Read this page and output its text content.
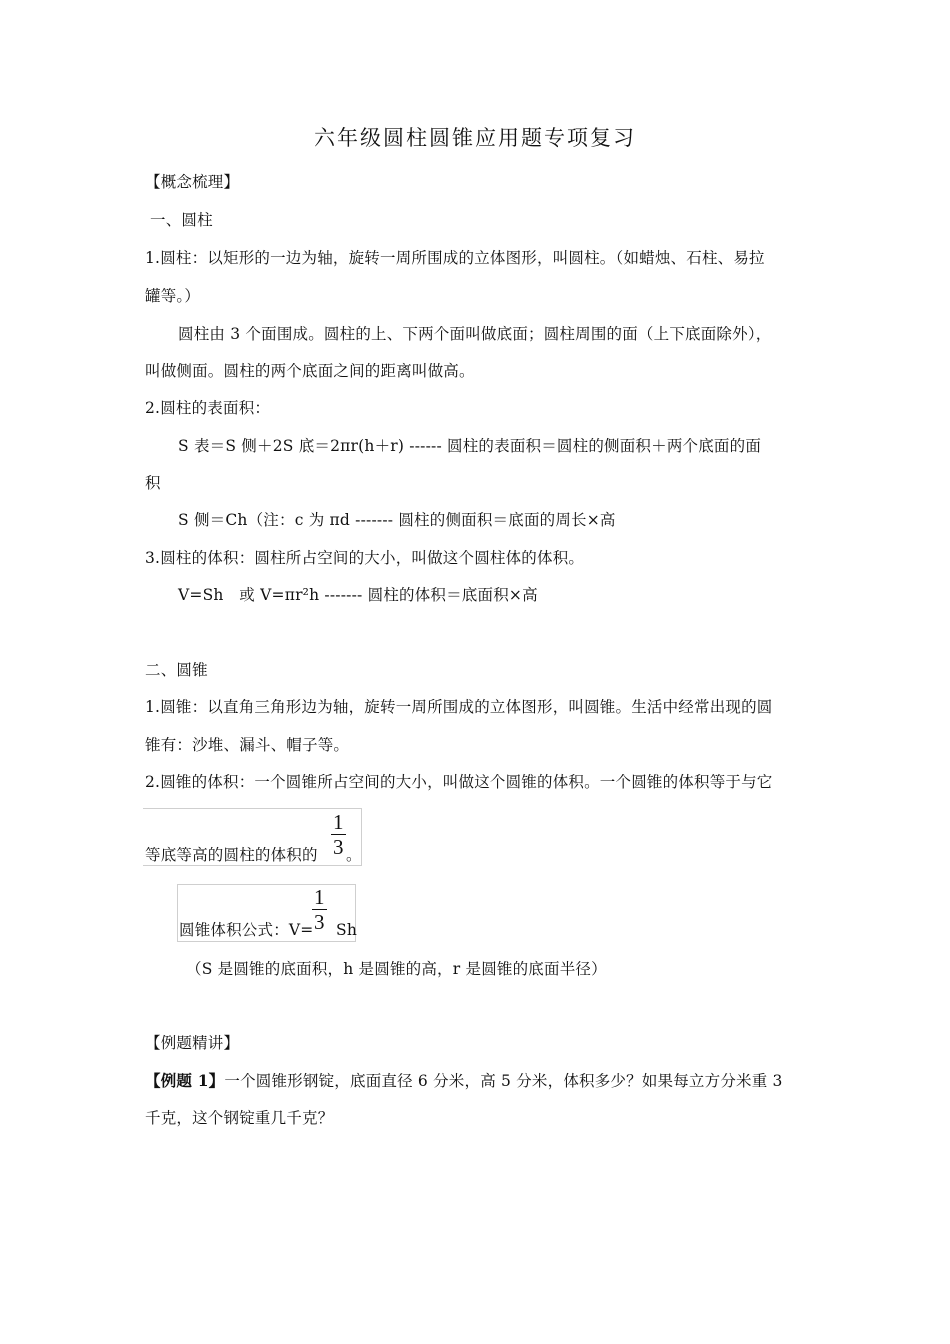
六年级圆柱圆锥应用题专项复习
【概念梳理】
一、圆柱
1.圆柱：以矩形的一边为轴，旋转一周所围成的立体图形，叫圆柱。（如蜡烛、石柱、易拉
罐等。）
圆柱由 3 个面围成。圆柱的上、下两个面叫做底面；圆柱周围的面（上下底面除外），
叫做侧面。圆柱的两个底面之间的距离叫做高。
2.圆柱的表面积：
S 表＝S 侧＋2S 底＝2πr(h＋r) ------ 圆柱的表面积＝圆柱的侧面积＋两个底面的面
积
S 侧＝Ch（注：c 为 πd ------- 圆柱的侧面积＝底面的周长×高
3.圆柱的体积：圆柱所占空间的大小，叫做这个圆柱体的体积。
V=Sh　或 V=πr²h ------- 圆柱的体积＝底面积×高
二、圆锥
1.圆锥：以直角三角形边为轴，旋转一周所围成的立体图形，叫圆锥。生活中经常出现的圆
锥有：沙堆、漏斗、帽子等。
2.圆锥的体积：一个圆锥所占空间的大小，叫做这个圆锥的体积。一个圆锥的体积等于与它
等底等高的圆柱的体积的
1
3 。
圆锥体积公式：V=
1
3 Sh
（S 是圆锥的底面积，h 是圆锥的高，r 是圆锥的底面半径）
【例题精讲】
【例题 1】一个圆锥形钢锭，底面直径 6 分米，高 5 分米，体积多少？如果每立方分米重 3
千克，这个钢锭重几千克？
